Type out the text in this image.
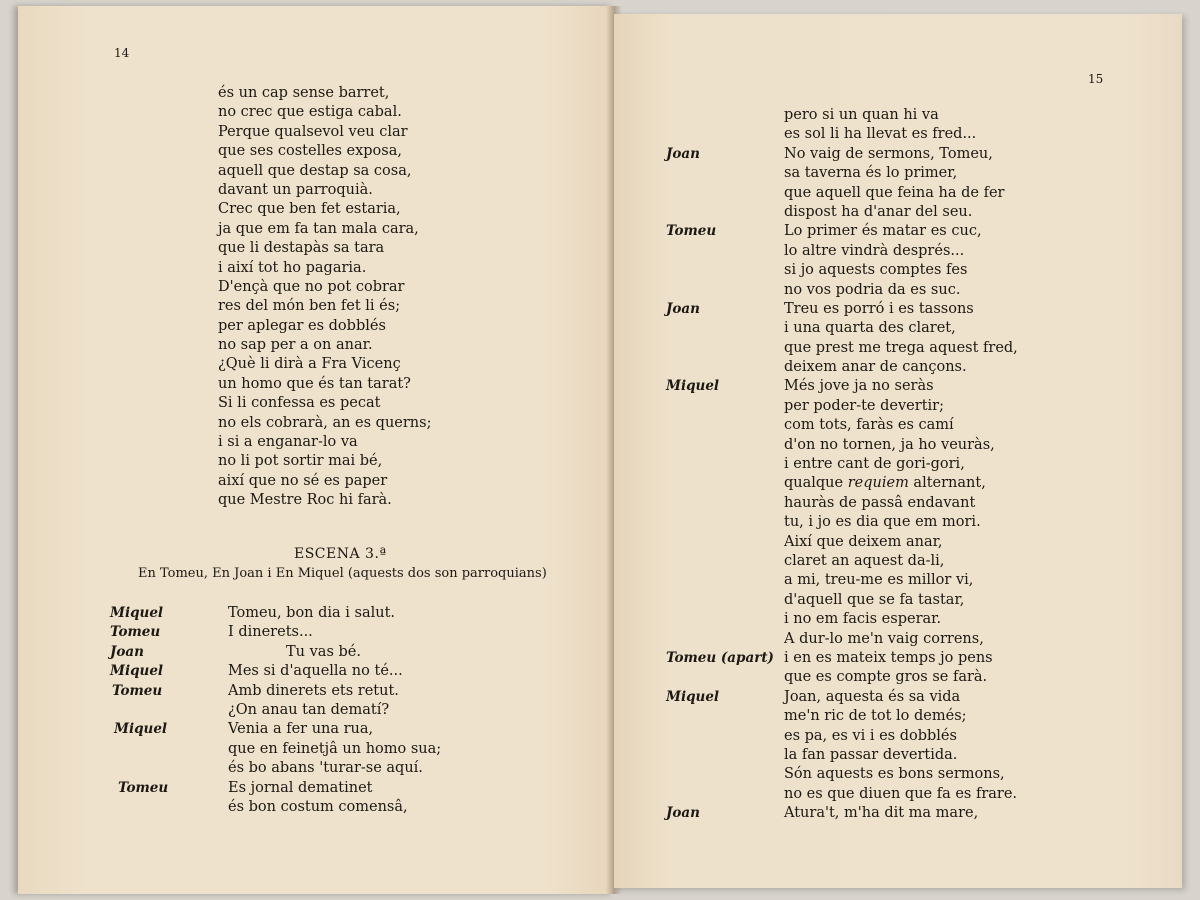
14
és un cap sense barret,
no crec que estiga cabal.
Perque qualsevol veu clar
que ses costelles exposa,
aquell que destap sa cosa,
davant un parroquià.
Crec que ben fet estaria,
ja que em fa tan mala cara,
que li destapàs sa tara
i així tot ho pagaria.
D'ençà que no pot cobrar
res del món ben fet li és;
per aplegar es dobblés
no sap per a on anar.
¿Què li dirà a Fra Vicenç
un homo que és tan tarat?
Si li confessa es pecat
no els cobrarà, an es querns;
i si a enganar-lo va
no li pot sortir mai bé,
així que no sé es paper
que Mestre Roc hi farà.
ESCENA 3.ª
En Tomeu, En Joan i En Miquel (aquests dos son parroquians)
Miquel	Tomeu, bon dia i salut.
Tomeu	I dinerets...
Joan	Tu vas bé.
Miquel	Mes si d'aquella no té...
Tomeu	Amb dinerets ets retut.
¿On anau tan dematí?
Miquel	Venia a fer una rua,
que en feinetjâ un homo sua;
és bo abans 'turar-se aquí.
Tomeu	Es jornal dematinet
és bon costum comensâ,
15
pero si un quan hi va
es sol li ha llevat es fred...
Joan	No vaig de sermons, Tomeu,
sa taverna és lo primer,
que aquell que feina ha de fer
dispost ha d'anar del seu.
Tomeu	Lo primer és matar es cuc,
lo altre vindrà després...
si jo aquests comptes fes
no vos podria da es suc.
Joan	Treu es porró i es tassons
i una quarta des claret,
que prest me trega aquest fred,
deixem anar de cançons.
Miquel	Més jove ja no seràs
per poder-te devertir;
com tots, faràs es camí
d'on no tornen, ja ho veuràs,
i entre cant de gori-gori,
qualque requiem alternant,
hauràs de passâ endavant
tu, i jo es dia que em mori.
Així que deixem anar,
claret an aquest da-li,
a mi, treu-me es millor vi,
d'aquell que se fa tastar,
i no em facis esperar.
A dur-lo me'n vaig correns,
Tomeu (apart) i en es mateix temps jo pens
que es compte gros se farà.
Miquel	Joan, aquesta és sa vida
me'n ric de tot lo demés;
es pa, es vi i es dobblés
la fan passar devertida.
Són aquests es bons sermons,
no es que diuen que fa es frare.
Joan	Atura't, m'ha dit ma mare,
